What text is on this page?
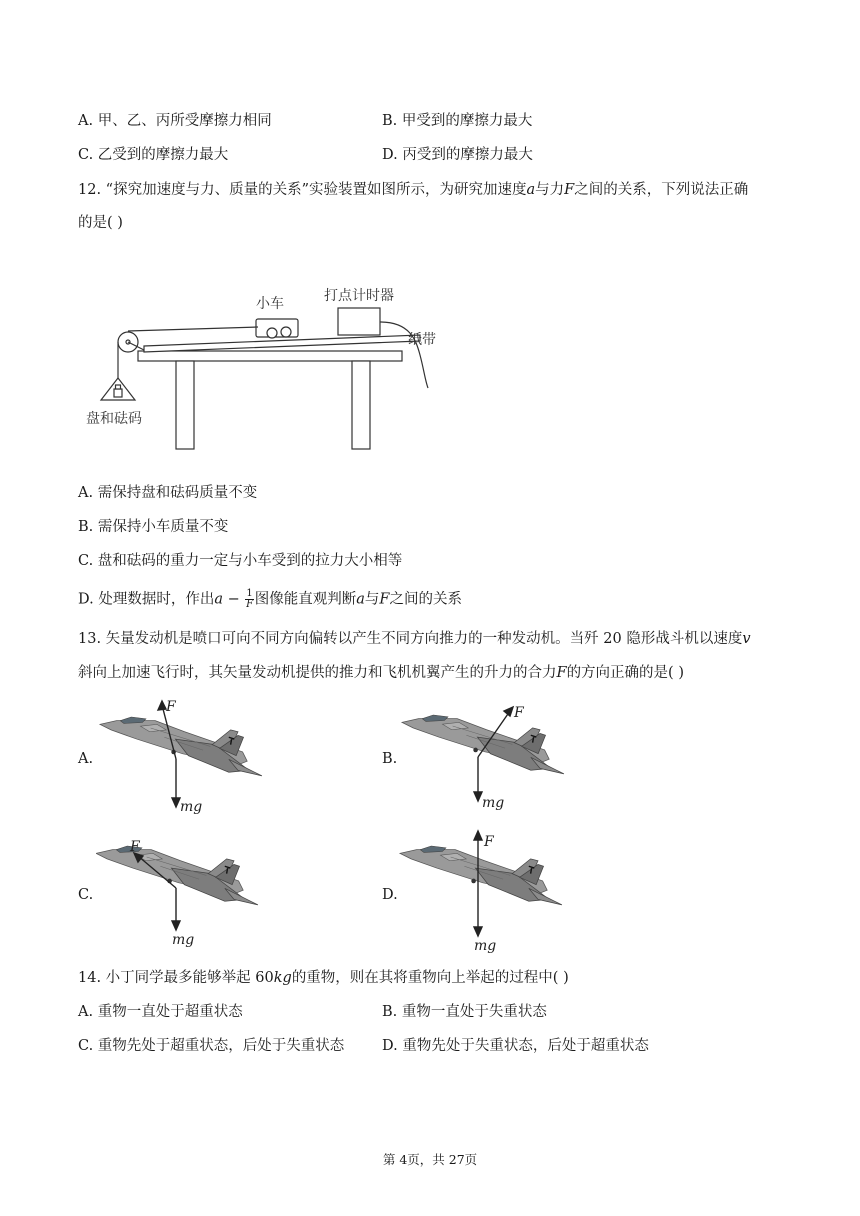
A. 甲、乙、丙所受摩擦力相同	B. 甲受到的摩擦力最大
C. 乙受到的摩擦力最大	D. 丙受到的摩擦力最大
12. “探究加速度与力、质量的关系”实验装置如图所示，为研究加速度a与力F之间的关系，下列说法正确
的是( )
小车	打点计时器
纸带
盘和砝码
A. 需保持盘和砝码质量不变
B. 需保持小车质量不变
C. 盘和砝码的重力一定与小车受到的拉力大小相等
D. 处理数据时，作出$a - \frac{1}{F}$ 图像能直观判断a与F之间的关系
13. 矢量发动机是喷口可向不同方向偏转以产生不同方向推力的一种发动机。当歼 20 隐形战斗机以速度v
斜向上加速飞行时，其矢量发动机提供的推力和飞机机翼产生的升力的合力F的方向正确的是( )
A.
F
mg
B.
F
mg
C.
F
mg
D.
F
mg
14. 小丁同学最多能够举起 60kg的重物，则在其将重物向上举起的过程中( )
A. 重物一直处于超重状态	B. 重物一直处于失重状态
C. 重物先处于超重状态，后处于失重状态	D. 重物先处于失重状态，后处于超重状态
第 4页，共 27页
